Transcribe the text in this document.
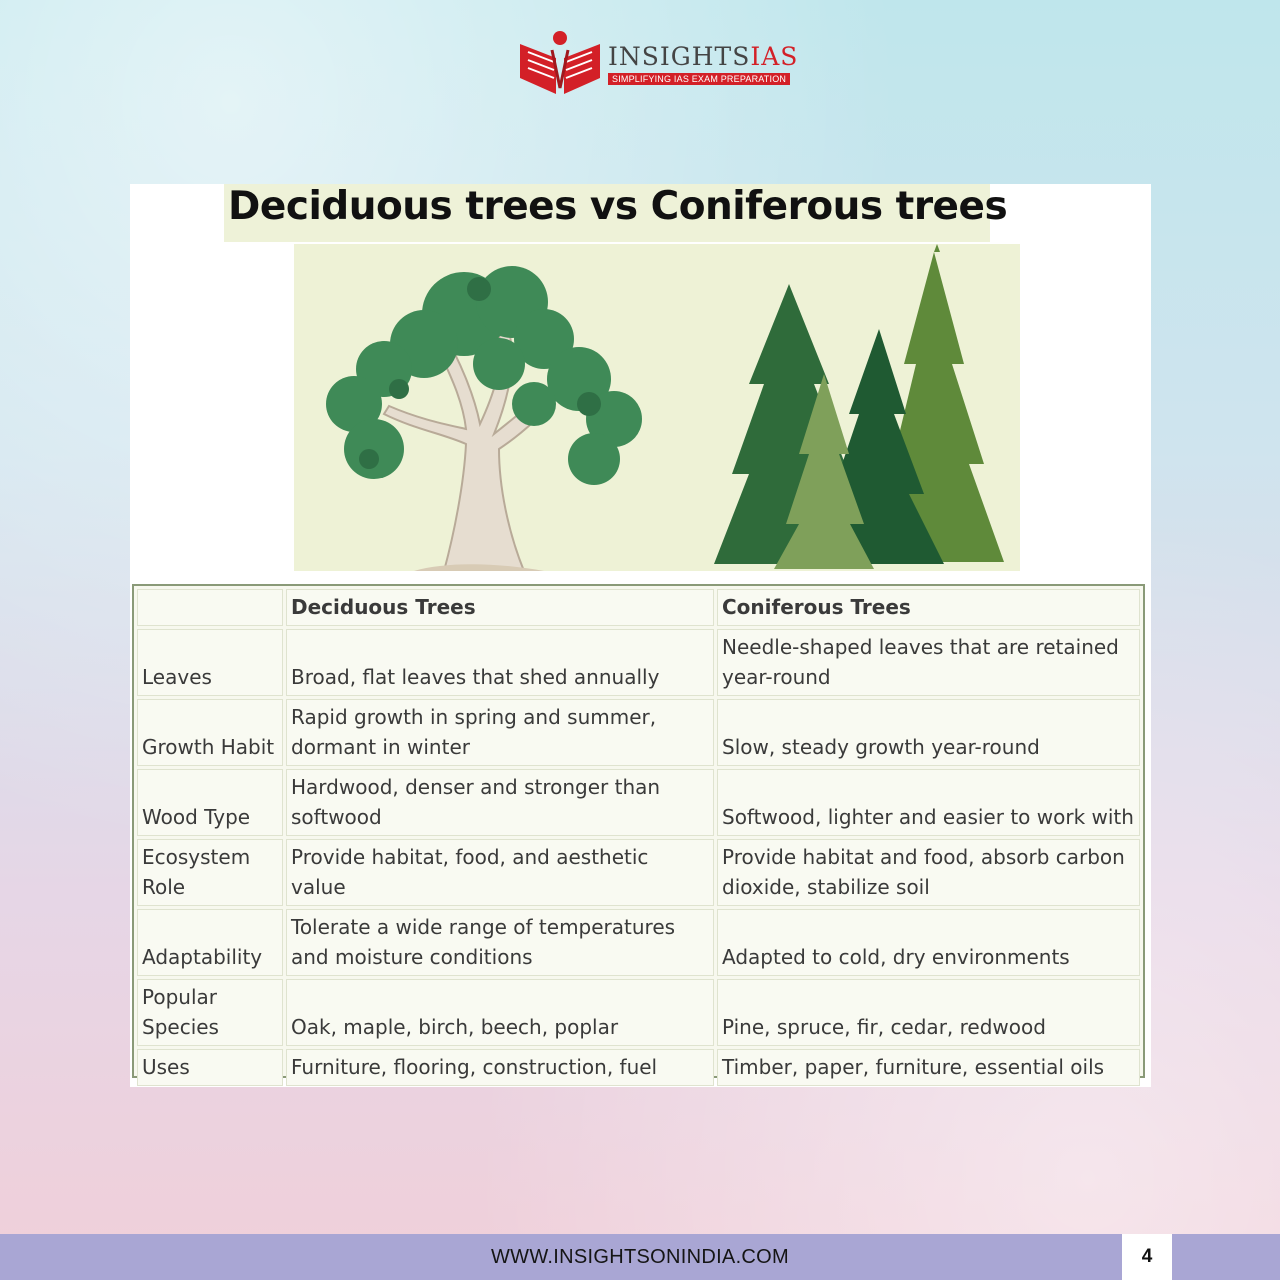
INSIGHTSIAS
SIMPLIFYING IAS EXAM PREPARATION
Deciduous trees vs Coniferous trees
	Deciduous Trees	Coniferous Trees
Leaves	Broad, flat leaves that shed annually	Needle-shaped leaves that are retained year-round
Growth Habit	Rapid growth in spring and summer, dormant in winter	Slow, steady growth year-round
Wood Type	Hardwood, denser and stronger than softwood	Softwood, lighter and easier to work with
Ecosystem Role	Provide habitat, food, and aesthetic value	Provide habitat and food, absorb carbon dioxide, stabilize soil
Adaptability	Tolerate a wide range of temperatures and moisture conditions	Adapted to cold, dry environments
Popular Species	Oak, maple, birch, beech, poplar	Pine, spruce, fir, cedar, redwood
Uses	Furniture, flooring, construction, fuel	Timber, paper, furniture, essential oils
WWW.INSIGHTSONINDIA.COM	4
